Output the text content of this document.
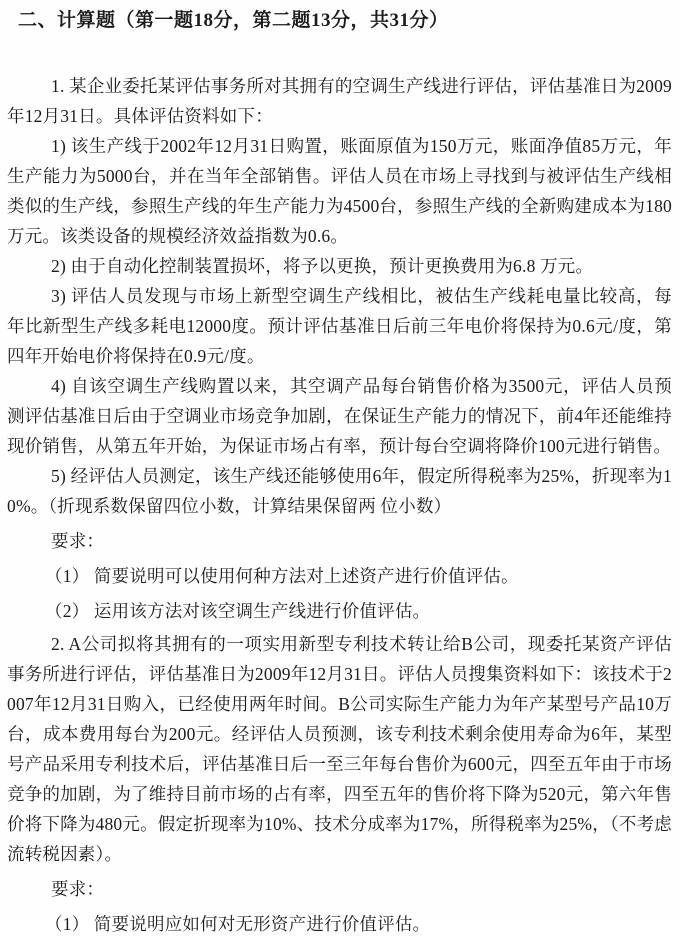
二、计算题（第一题18分，第二题13分，共31分）

1. 某企业委托某评估事务所对其拥有的空调生产线进行评估，评估基准日为2009年12月31日。具体评估资料如下：

1) 该生产线于2002年12月31日购置，账面原值为150万元，账面净值85万元，年生产能力为5000台，并在当年全部销售。评估人员在市场上寻找到与被评估生产线相类似的生产线，参照生产线的年生产能力为4500台，参照生产线的全新购建成本为180万元。该类设备的规模经济效益指数为0.6。

2) 由于自动化控制装置损坏，将予以更换，预计更换费用为6.8 万元。

3) 评估人员发现与市场上新型空调生产线相比，被估生产线耗电量比较高，每年比新型生产线多耗电12000度。预计评估基准日后前三年电价将保持为0.6元/度，第四年开始电价将保持在0.9元/度。

4) 自该空调生产线购置以来，其空调产品每台销售价格为3500元，评估人员预测评估基准日后由于空调业市场竞争加剧，在保证生产能力的情况下，前4年还能维持现价销售，从第五年开始，为保证市场占有率，预计每台空调将降价100元进行销售。

5) 经评估人员测定，该生产线还能够使用6年，假定所得税率为25%，折现率为10%。（折现系数保留四位小数，计算结果保留两 位小数）

要求：

（1） 简要说明可以使用何种方法对上述资产进行价值评估。

（2） 运用该方法对该空调生产线进行价值评估。

2. A公司拟将其拥有的一项实用新型专利技术转让给B公司，现委托某资产评估事务所进行评估，评估基准日为2009年12月31日。评估人员搜集资料如下：该技术于2007年12月31日购入，已经使用两年时间。B公司实际生产能力为年产某型号产品10万台，成本费用每台为200元。经评估人员预测，该专利技术剩余使用寿命为6年，某型号产品采用专利技术后，评估基准日后一至三年每台售价为600元，四至五年由于市场竞争的加剧，为了维持目前市场的占有率，四至五年的售价将下降为520元，第六年售价将下降为480元。假定折现率为10%、技术分成率为17%，所得税率为25%，（不考虑流转税因素）。

要求：

（1） 简要说明应如何对无形资产进行价值评估。
